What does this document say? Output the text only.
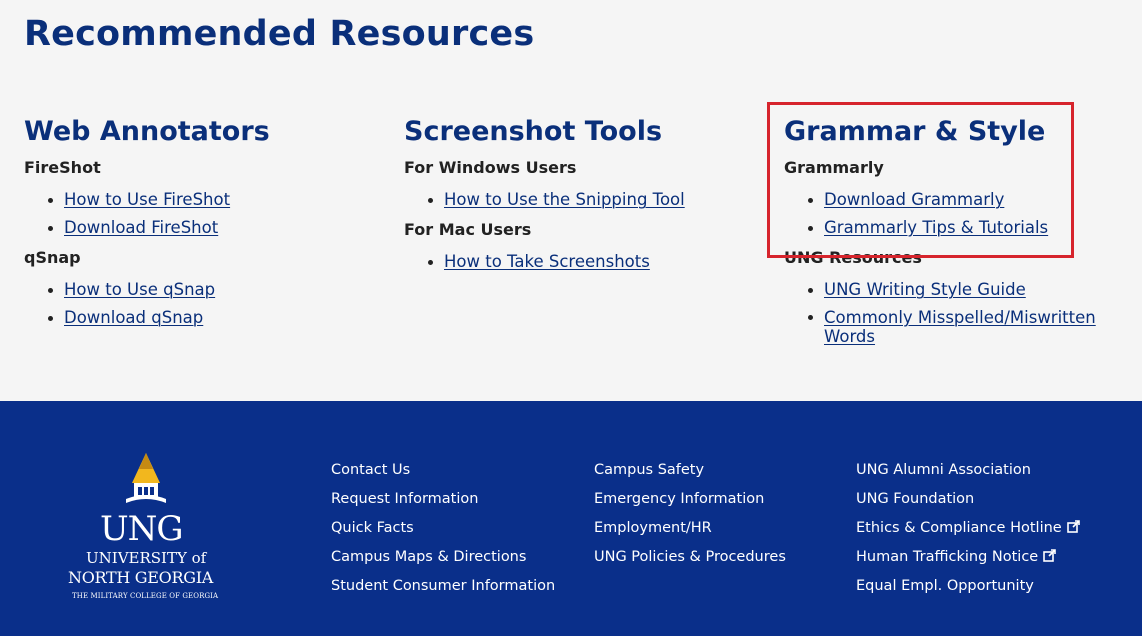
Recommended Resources
Web Annotators
FireShot
How to Use FireShot
Download FireShot
qSnap
How to Use qSnap
Download qSnap
Screenshot Tools
For Windows Users
How to Use the Snipping Tool
For Mac Users
How to Take Screenshots
Grammar & Style
Grammarly
Download Grammarly
Grammarly Tips & Tutorials
UNG Resources
UNG Writing Style Guide
Commonly Misspelled/Miswritten Words
UNG
UNIVERSITY of
NORTH GEORGIA
THE MILITARY COLLEGE OF GEORGIA
Contact Us
Request Information
Quick Facts
Campus Maps & Directions
Student Consumer Information
Campus Safety
Emergency Information
Employment/HR
UNG Policies & Procedures
UNG Alumni Association
UNG Foundation
Ethics & Compliance Hotline
Human Trafficking Notice
Equal Empl. Opportunity
